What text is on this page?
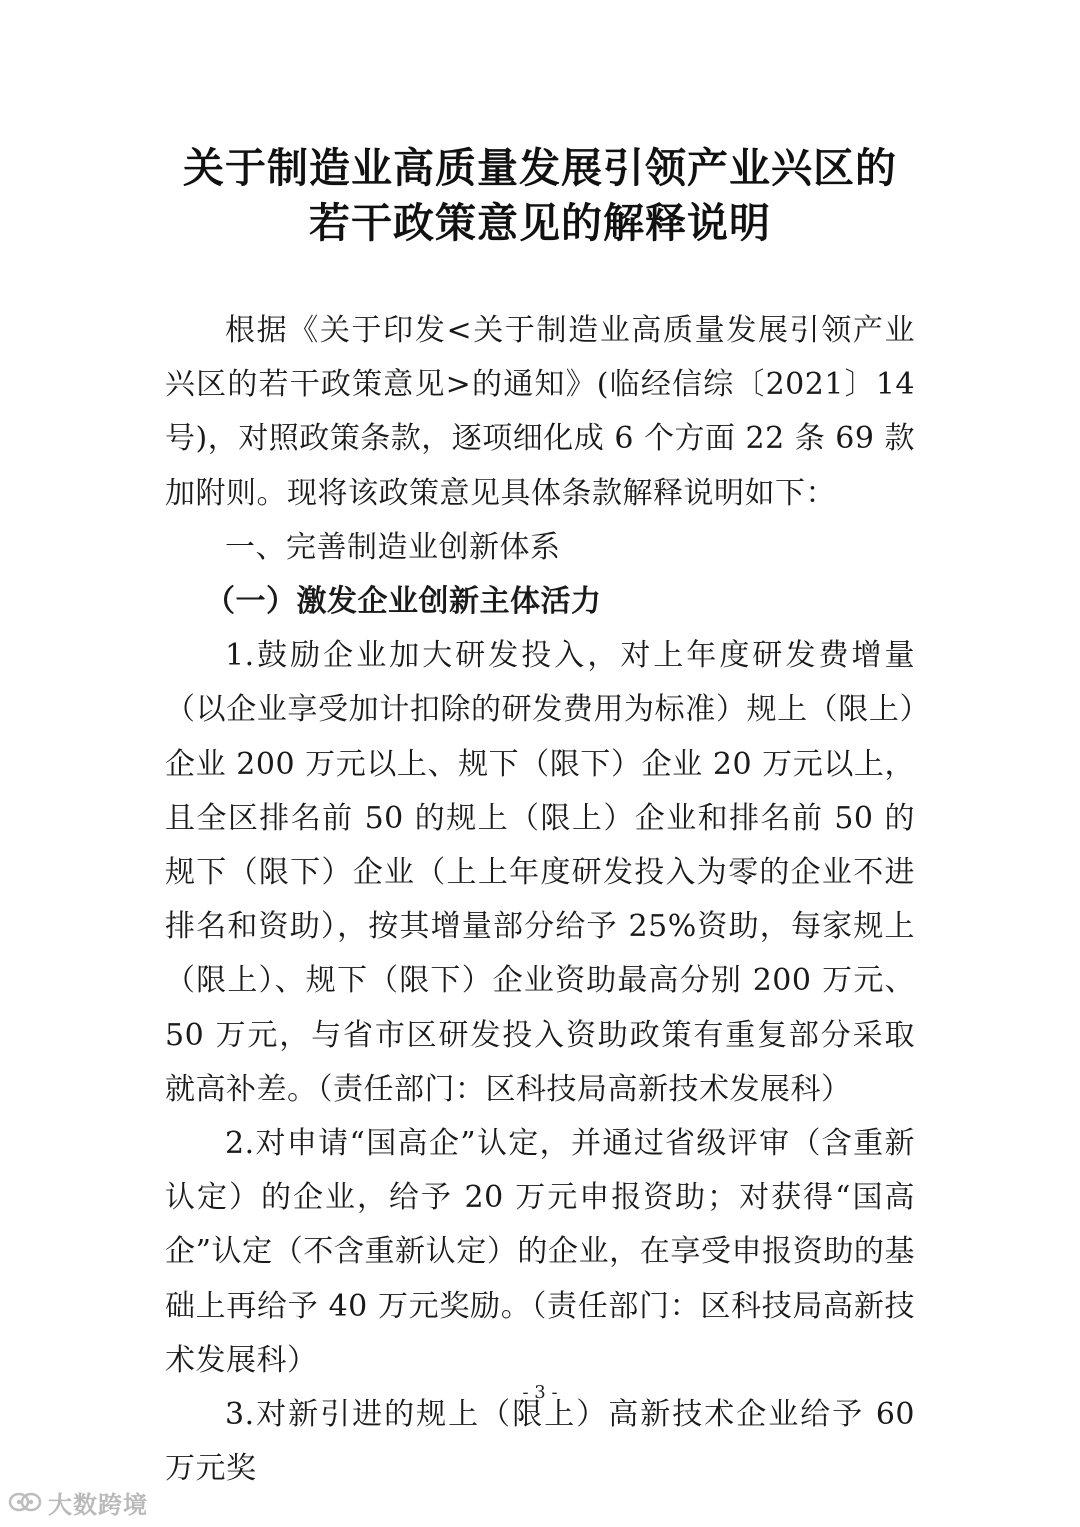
关于制造业高质量发展引领产业兴区的
若干政策意见的解释说明

根据《关于印发<关于制造业高质量发展引领产业兴区的若干政策意见>的通知》(临经信综〔2021〕14 号)，对照政策条款，逐项细化成 6 个方面 22 条 69 款加附则。现将该政策意见具体条款解释说明如下：

一、完善制造业创新体系

（一）激发企业创新主体活力

1.鼓励企业加大研发投入，对上年度研发费增量（以企业享受加计扣除的研发费用为标准）规上（限上）企业 200 万元以上、规下（限下）企业 20 万元以上，且全区排名前 50 的规上（限上）企业和排名前 50 的规下（限下）企业（上上年度研发投入为零的企业不进排名和资助），按其增量部分给予 25%资助，每家规上（限上）、规下（限下）企业资助最高分别 200 万元、50 万元，与省市区研发投入资助政策有重复部分采取就高补差。（责任部门：区科技局高新技术发展科）

2.对申请“国高企”认定，并通过省级评审（含重新认定）的企业，给予 20 万元申报资助；对获得“国高企”认定（不含重新认定）的企业，在享受申报资助的基础上再给予 40 万元奖励。（责任部门：区科技局高新技术发展科）

3.对新引进的规上（限上）高新技术企业给予 60 万元奖

- 3 -
大数跨境
